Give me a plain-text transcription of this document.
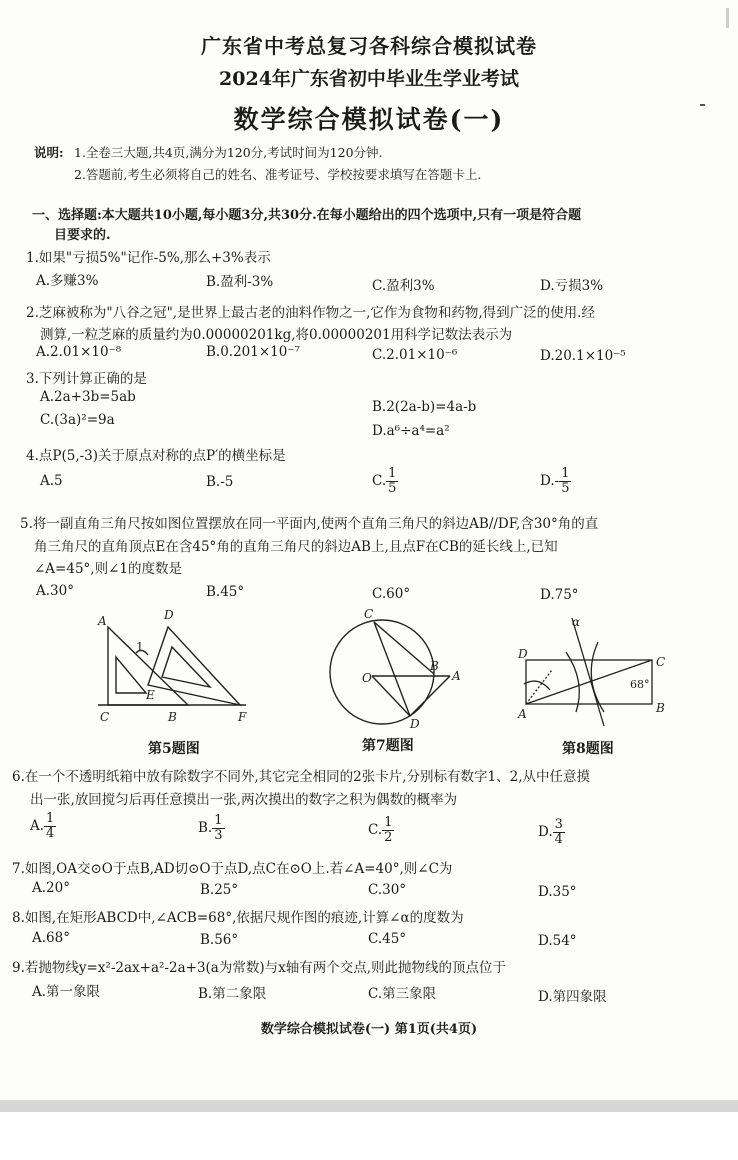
广东省中考总复习各科综合模拟试卷
2024年广东省初中毕业生学业考试
数学综合模拟试卷(一)
说明: 1.全卷三大题,共4页,满分为120分,考试时间为120分钟.
2.答题前,考生必须将自己的姓名、准考证号、学校按要求填写在答题卡上.
一、选择题:本大题共10小题,每小题3分,共30分.在每小题给出的四个选项中,只有一项是符合题
目要求的.
1.如果"亏损5%"记作-5%,那么+3%表示
A.多赚3%	B.盈利-3%	C.盈利3%	D.亏损3%
2.芝麻被称为"八谷之冠",是世界上最古老的油料作物之一,它作为食物和药物,得到广泛的使用.经
测算,一粒芝麻的质量约为0.00000201kg,将0.00000201用科学记数法表示为
A.2.01×10⁻⁸	B.0.201×10⁻⁷	C.2.01×10⁻⁶	D.20.1×10⁻⁵
3.下列计算正确的是
A.2a+3b=5ab
B.2(2a-b)=4a-b
C.(3a)²=9a
D.a⁶÷a⁴=a²
4.点P(5,-3)关于原点对称的点P′的横坐标是
A.5	B.-5	C. $\frac{1}{5}$	$D.- \frac{1}{5}$
5.将一副直角三角尺按如图位置摆放在同一平面内,使两个直角三角尺的斜边AB//DF,含30°角的直
角三角尺的直角顶点E在含45°角的直角三角尺的斜边AB上,且点F在CB的延长线上,已知
∠A=45°,则∠1的度数是
A.30°	B.45°	C.60°	D.75°
A	D
1
E
C	B	F
第5题图
C
O
B
A
D
第7题图
α
D
C
68°
A	B
第8题图
6.在一个不透明纸箱中放有除数字不同外,其它完全相同的2张卡片,分别标有数字1、2,从中任意摸
出一张,放回搅匀后再任意摸出一张,两次摸出的数字之积为偶数的概率为
A. $\frac{1}{4}$	B. $\frac{1}{3}$	C. $\frac{1}{2}$	D. $\frac{3}{4}$
7.如图,OA交⊙O于点B,AD切⊙O于点D,点C在⊙O上.若∠A=40°,则∠C为
A.20°	B.25°	C.30°	D.35°
8.如图,在矩形ABCD中,∠ACB=68°,依据尺规作图的痕迹,计算∠α的度数为
A.68°	B.56°	C.45°	D.54°
9.若抛物线y=x²-2ax+a²-2a+3(a为常数)与x轴有两个交点,则此抛物线的顶点位于
A.第一象限	B.第二象限	C.第三象限	D.第四象限
数学综合模拟试卷(一) 第1页(共4页)
